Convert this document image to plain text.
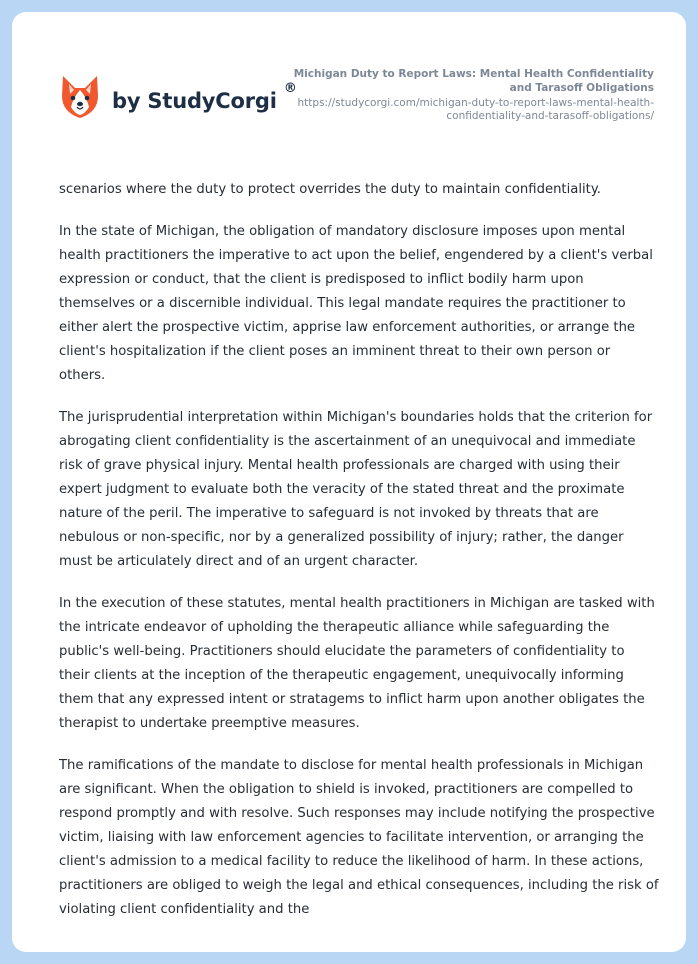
by StudyCorgi
®
Michigan Duty to Report Laws: Mental Health Confidentiality and Tarasoff Obligations
https://studycorgi.com/michigan-duty-to-report-laws-mental-health-confidentiality-and-tarasoff-obligations/

scenarios where the duty to protect overrides the duty to maintain confidentiality.

In the state of Michigan, the obligation of mandatory disclosure imposes upon mental health practitioners the imperative to act upon the belief, engendered by a client's verbal expression or conduct, that the client is predisposed to inflict bodily harm upon themselves or a discernible individual. This legal mandate requires the practitioner to either alert the prospective victim, apprise law enforcement authorities, or arrange the client's hospitalization if the client poses an imminent threat to their own person or others.

The jurisprudential interpretation within Michigan's boundaries holds that the criterion for abrogating client confidentiality is the ascertainment of an unequivocal and immediate risk of grave physical injury. Mental health professionals are charged with using their expert judgment to evaluate both the veracity of the stated threat and the proximate nature of the peril. The imperative to safeguard is not invoked by threats that are nebulous or non-specific, nor by a generalized possibility of injury; rather, the danger must be articulately direct and of an urgent character.

In the execution of these statutes, mental health practitioners in Michigan are tasked with the intricate endeavor of upholding the therapeutic alliance while safeguarding the public's well-being. Practitioners should elucidate the parameters of confidentiality to their clients at the inception of the therapeutic engagement, unequivocally informing them that any expressed intent or stratagems to inflict harm upon another obligates the therapist to undertake preemptive measures.

The ramifications of the mandate to disclose for mental health professionals in Michigan are significant. When the obligation to shield is invoked, practitioners are compelled to respond promptly and with resolve. Such responses may include notifying the prospective victim, liaising with law enforcement agencies to facilitate intervention, or arranging the client's admission to a medical facility to reduce the likelihood of harm. In these actions, practitioners are obliged to weigh the legal and ethical consequences, including the risk of violating client confidentiality and the
